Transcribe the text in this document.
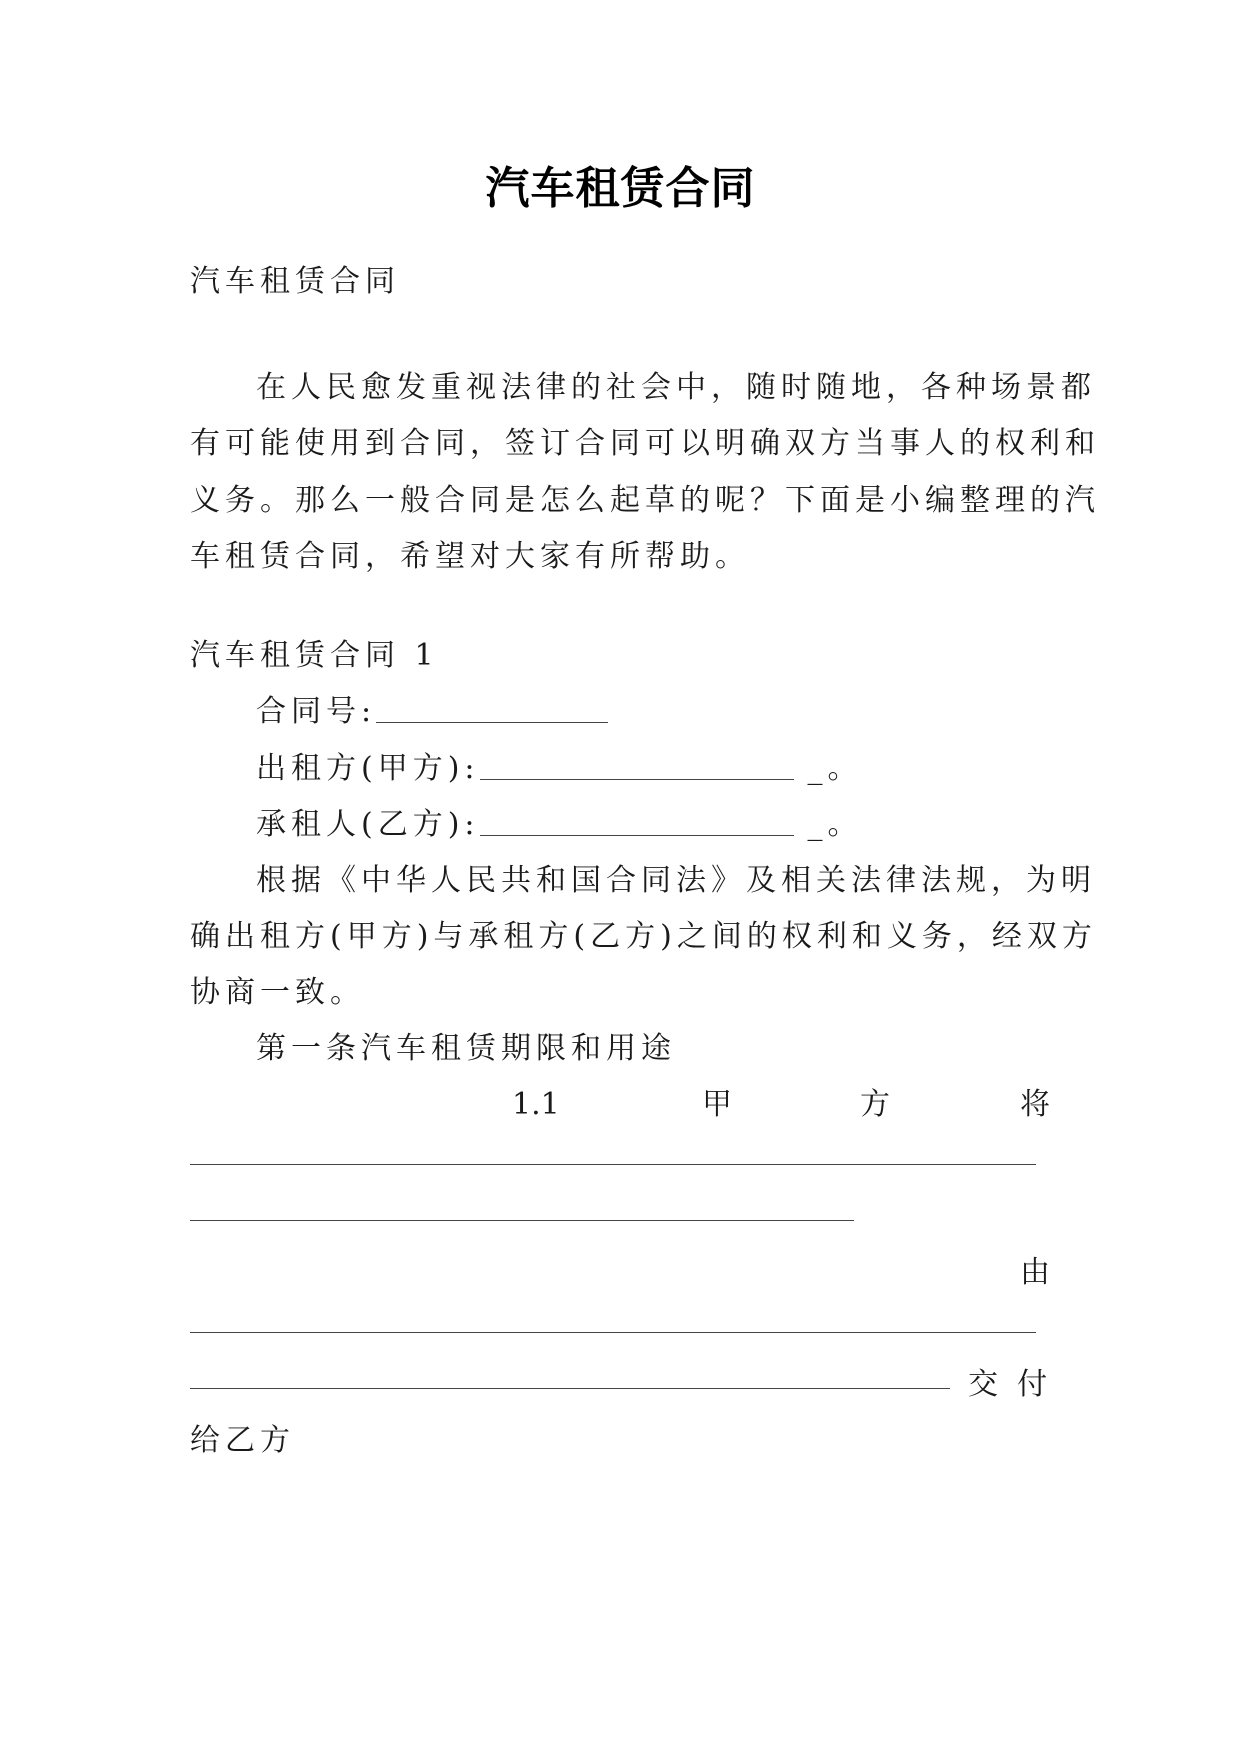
汽车租赁合同
汽车租赁合同
在人民愈发重视法律的社会中，随时随地，各种场景都
有可能使用到合同，签订合同可以明确双方当事人的权利和
义务。那么一般合同是怎么起草的呢？下面是小编整理的汽
车租赁合同，希望对大家有所帮助。
汽车租赁合同 1
合同号:
出租方(甲方):	_。
承租人(乙方):	_。
根据《中华人民共和国合同法》及相关法律法规，为明
确出租方(甲方)与承租方(乙方)之间的权利和义务，经双方
协商一致。
第一条汽车租赁期限和用途
1.1	甲	方	将
由
交  付
给乙方
